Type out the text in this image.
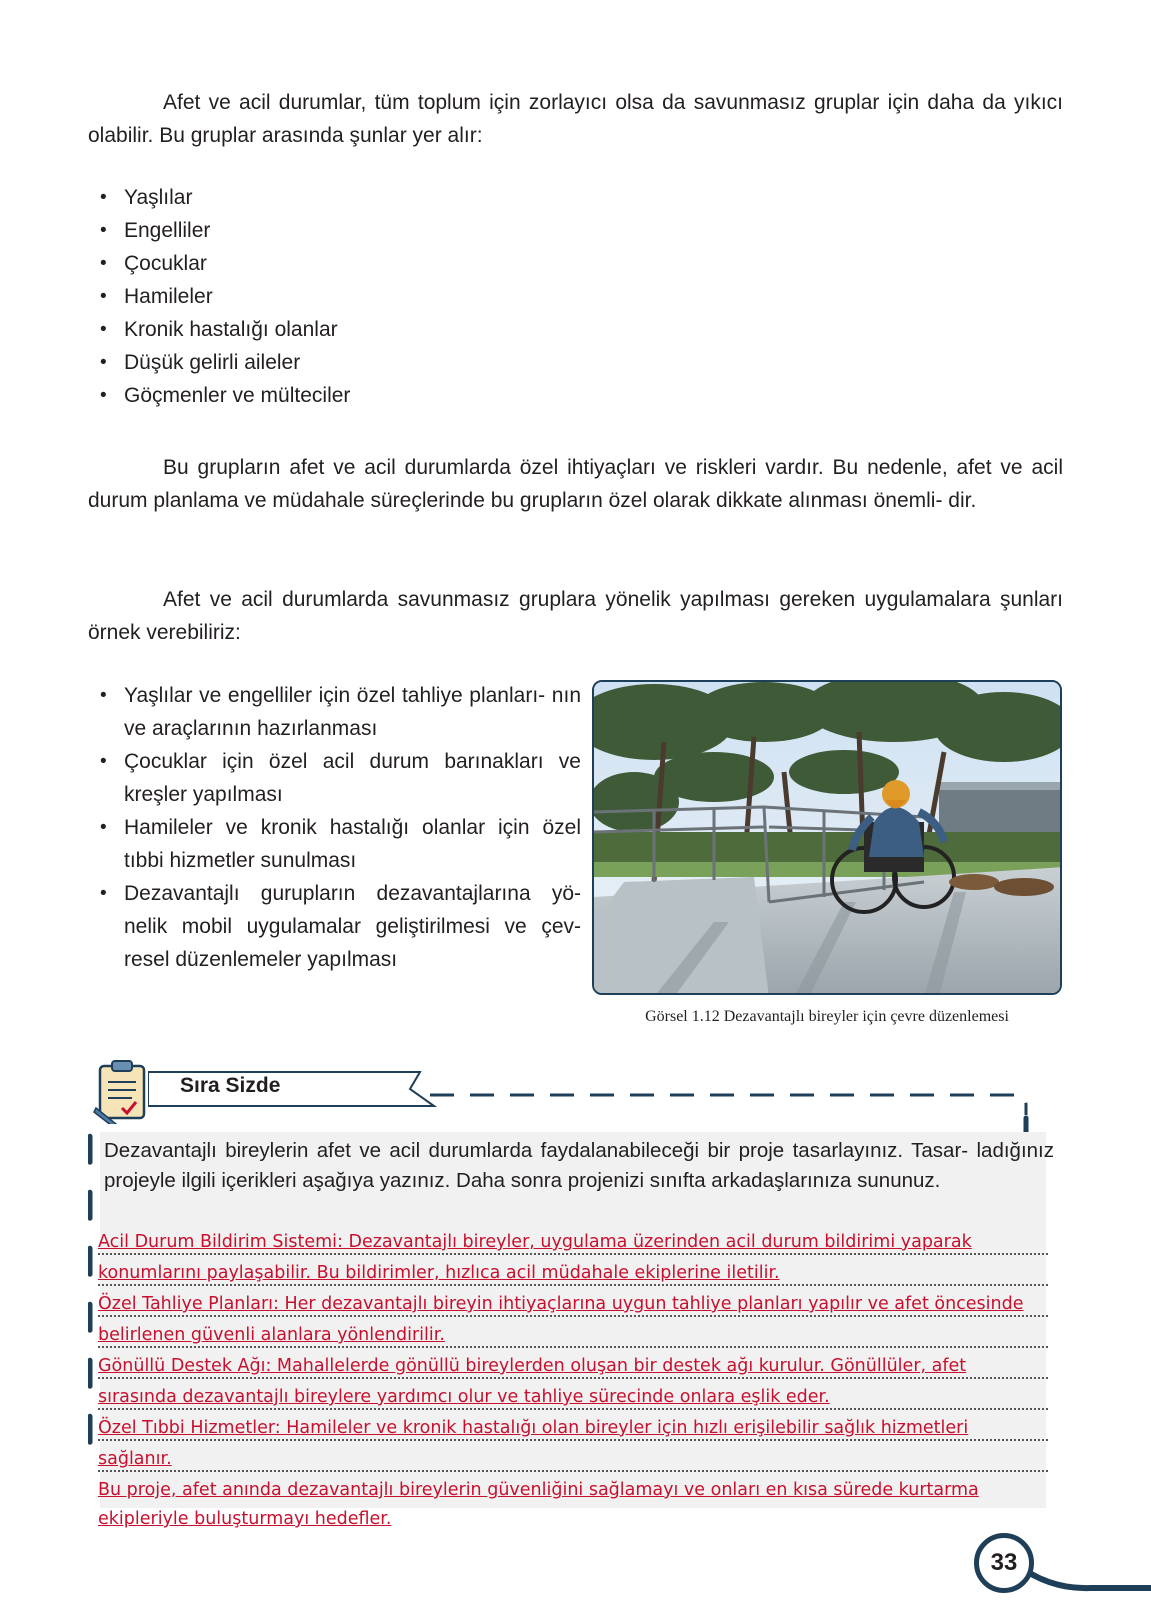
Afet ve acil durumlar, tüm toplum için zorlayıcı olsa da savunmasız gruplar için daha da yıkıcı olabilir. Bu gruplar arasında şunlar yer alır:

• Yaşlılar
• Engelliler
• Çocuklar
• Hamileler
• Kronik hastalığı olanlar
• Düşük gelirli aileler
• Göçmenler ve mülteciler

Bu grupların afet ve acil durumlarda özel ihtiyaçları ve riskleri vardır. Bu nedenle, afet ve acil durum planlama ve müdahale süreçlerinde bu grupların özel olarak dikkate alınması önemli- dir.

Afet ve acil durumlarda savunmasız gruplara yönelik yapılması gereken uygulamalara şunları örnek verebiliriz:

• Yaşlılar ve engelliler için özel tahliye planları- nın ve araçlarının hazırlanması
• Çocuklar için özel acil durum barınakları ve kreşler yapılması
• Hamileler ve kronik hastalığı olanlar için özel tıbbi hizmetler sunulması
• Dezavantajlı gurupların dezavantajlarına yö- nelik mobil uygulamalar geliştirilmesi ve çev- resel düzenlemeler yapılması
Görsel 1.12 Dezavantajlı bireyler için çevre düzenlemesi
Sıra Sizde

Dezavantajlı bireylerin afet ve acil durumlarda faydalanabileceği bir proje tasarlayınız. Tasar- ladığınız projeyle ilgili içerikleri aşağıya yazınız. Daha sonra projenizi sınıfta arkadaşlarınıza sununuz.

Acil Durum Bildirim Sistemi: Dezavantajlı bireyler, uygulama üzerinden acil durum bildirimi yaparak
konumlarını paylaşabilir. Bu bildirimler, hızlıca acil müdahale ekiplerine iletilir.
Özel Tahliye Planları: Her dezavantajlı bireyin ihtiyaçlarına uygun tahliye planları yapılır ve afet öncesinde
belirlenen güvenli alanlara yönlendirilir.
Gönüllü Destek Ağı: Mahallelerde gönüllü bireylerden oluşan bir destek ağı kurulur. Gönüllüler, afet
sırasında dezavantajlı bireylere yardımcı olur ve tahliye sürecinde onlara eşlik eder.
Özel Tıbbi Hizmetler: Hamileler ve kronik hastalığı olan bireyler için hızlı erişilebilir sağlık hizmetleri
sağlanır.
Bu proje, afet anında dezavantajlı bireylerin güvenliğini sağlamayı ve onları en kısa sürede kurtarma
ekipleriyle buluşturmayı hedefler.
33
